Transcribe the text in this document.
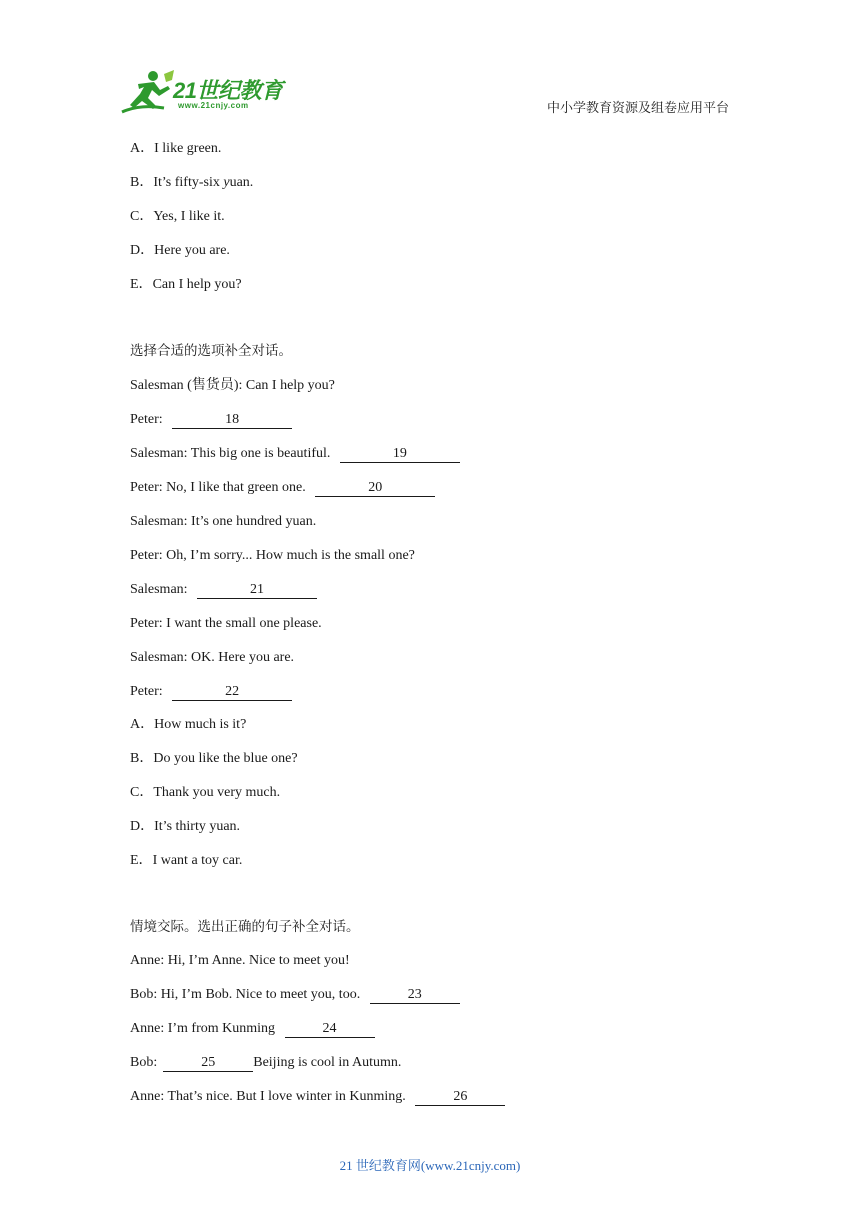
21世纪教育
www.21cnjy.com	中小学教育资源及组卷应用平台
A．I like green.
B．It’s fifty-six yuan.
C．Yes, I like it.
D．Here you are.
E．Can I help you?
选择合适的选项补全对话。
Salesman (售货员): Can I help you?
Peter:	18
Salesman: This big one is beautiful.	19
Peter: No, I like that green one.	20
Salesman: It’s one hundred yuan.
Peter: Oh, I’m sorry... How much is the small one?
Salesman:	21
Peter: I want the small one please.
Salesman: OK. Here you are.
Peter:	22
A．How much is it?
B．Do you like the blue one?
C．Thank you very much.
D．It’s thirty yuan.
E．I want a toy car.
情境交际。选出正确的句子补全对话。
Anne: Hi, I’m Anne. Nice to meet you!
Bob: Hi, I’m Bob. Nice to meet you, too.	23
Anne: I’m from Kunming	24
Bob:	25	Beijing is cool in Autumn.
Anne: That’s nice. But I love winter in Kunming.	26
21 世纪教育网(www.21cnjy.com)
